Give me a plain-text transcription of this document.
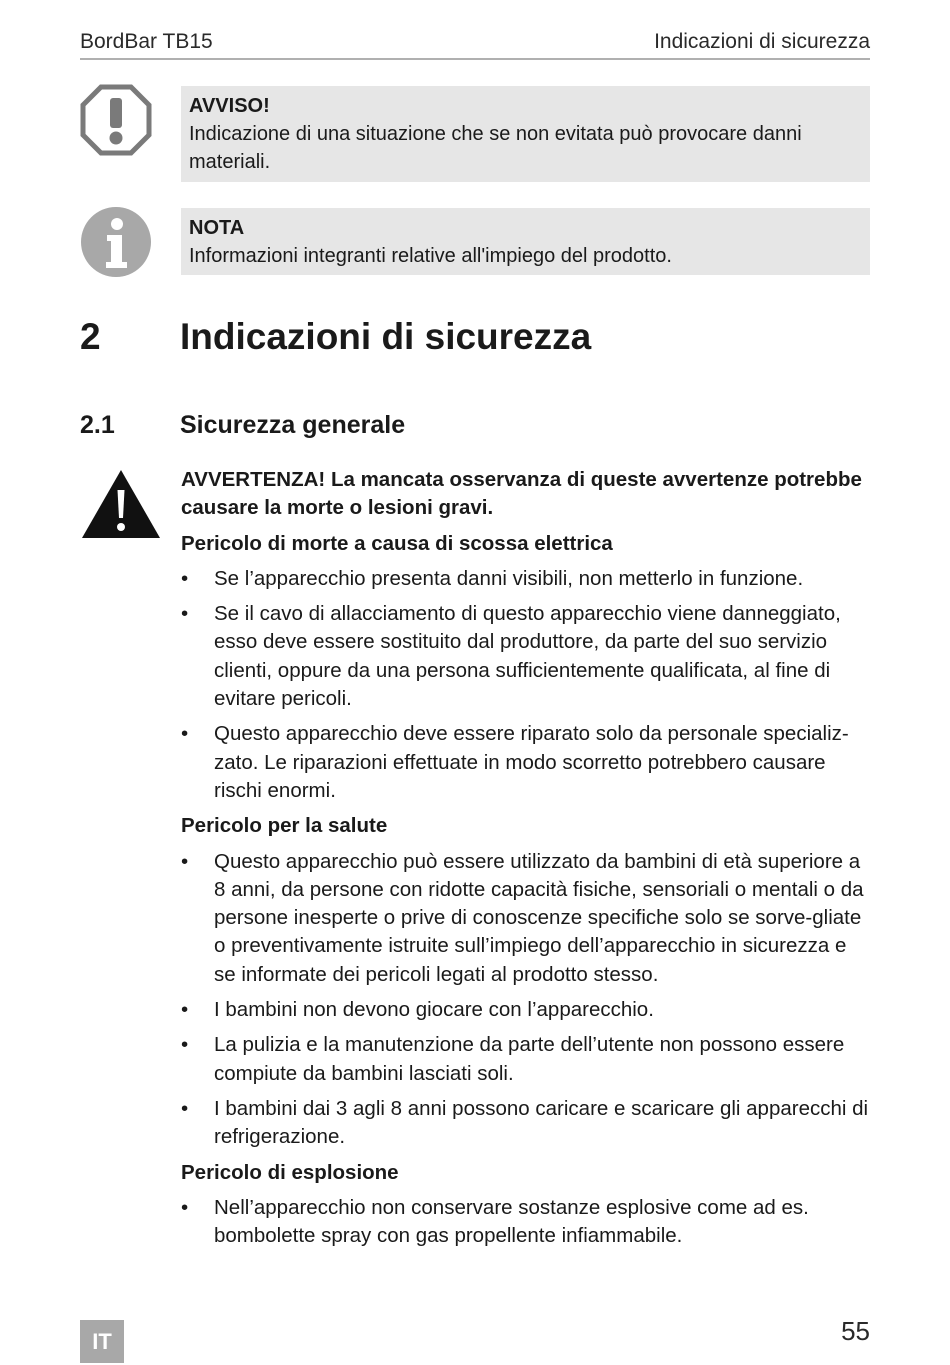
BordBar TB15	Indicazioni di sicurezza
AVVISO!
Indicazione di una situazione che se non evitata può provocare danni materiali.
NOTA
Informazioni integranti relative all'impiego del prodotto.
2 Indicazioni di sicurezza
2.1	Sicurezza generale

AVVERTENZA! La mancata osservanza di queste avvertenze potrebbe causare la morte o lesioni gravi.

Pericolo di morte a causa di scossa elettrica
• Se l’apparecchio presenta danni visibili, non metterlo in funzione.
• Se il cavo di allacciamento di questo apparecchio viene danneggiato, esso deve essere sostituito dal produttore, da parte del suo servizio clienti, oppure da una persona sufficientemente qualificata, al fine di evitare pericoli.
• Questo apparecchio deve essere riparato solo da personale specializ-zato. Le riparazioni effettuate in modo scorretto potrebbero causare rischi enormi.
Pericolo per la salute
• Questo apparecchio può essere utilizzato da bambini di età superiore a 8 anni, da persone con ridotte capacità fisiche, sensoriali o mentali o da persone inesperte o prive di conoscenze specifiche solo se sorve-gliate o preventivamente istruite sull’impiego dell’apparecchio in sicurezza e se informate dei pericoli legati al prodotto stesso.
• I bambini non devono giocare con l’apparecchio.
• La pulizia e la manutenzione da parte dell’utente non possono essere compiute da bambini lasciati soli.
• I bambini dai 3 agli 8 anni possono caricare e scaricare gli apparecchi di refrigerazione.
Pericolo di esplosione
• Nell’apparecchio non conservare sostanze esplosive come ad es. bombolette spray con gas propellente infiammabile.
IT	55
